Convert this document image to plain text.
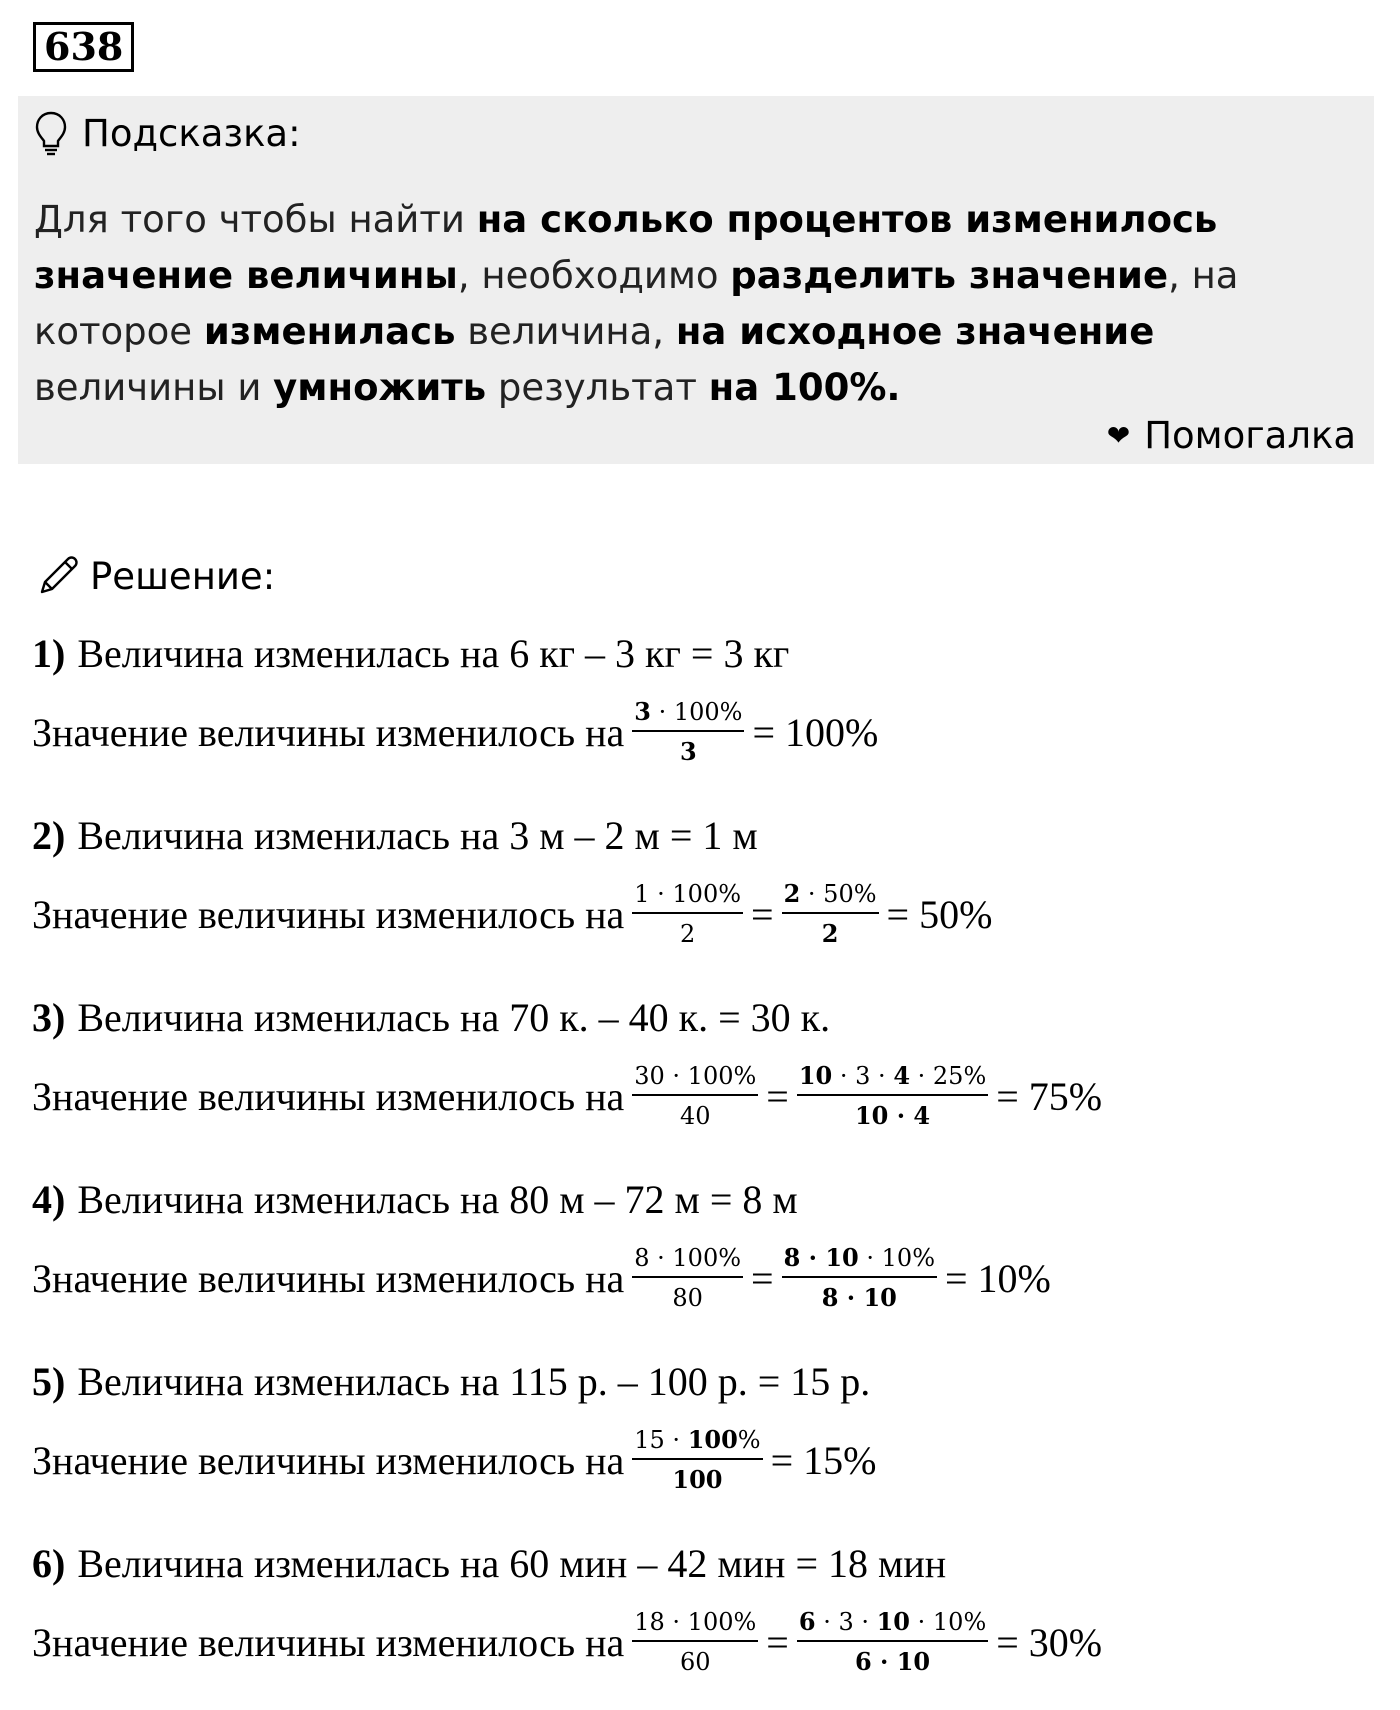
638
Подсказка:
Для того чтобы найти на сколько процентов изменилось значение величины, необходимо разделить значение, на которое изменилась величина, на исходное значение величины и умножить результат на 100%.
❤ Помогалка
Решение:
1) Величина изменилась на 6 кг – 3 кг = 3 кг
Значение величины изменилось на $\frac{3 \cdot 100\%}{3} = 100\%$
2) Величина изменилась на 3 м – 2 м = 1 м
Значение величины изменилось на $\frac{1 \cdot 100\%}{2} = \frac{2 \cdot 50\%}{2} = 50\%$
3) Величина изменилась на 70 к. – 40 к. = 30 к.
Значение величины изменилось на $\frac{30 \cdot 100\%}{40} = \frac{10 \cdot 3 \cdot 4 \cdot 25\%}{10 \cdot 4} = 75\%$
4) Величина изменилась на 80 м – 72 м = 8 м
Значение величины изменилось на $\frac{8 \cdot 100\%}{80} = \frac{8 \cdot 10 \cdot 10\%}{8 \cdot 10} = 10\%$
5) Величина изменилась на 115 р. – 100 р. = 15 р.
Значение величины изменилось на $\frac{15 \cdot 100\%}{100} = 15\%$
6) Величина изменилась на 60 мин – 42 мин = 18 мин
Значение величины изменилось на $\frac{18 \cdot 100\%}{60} = \frac{6 \cdot 3 \cdot 10 \cdot 10\%}{6 \cdot 10} = 30\%$
